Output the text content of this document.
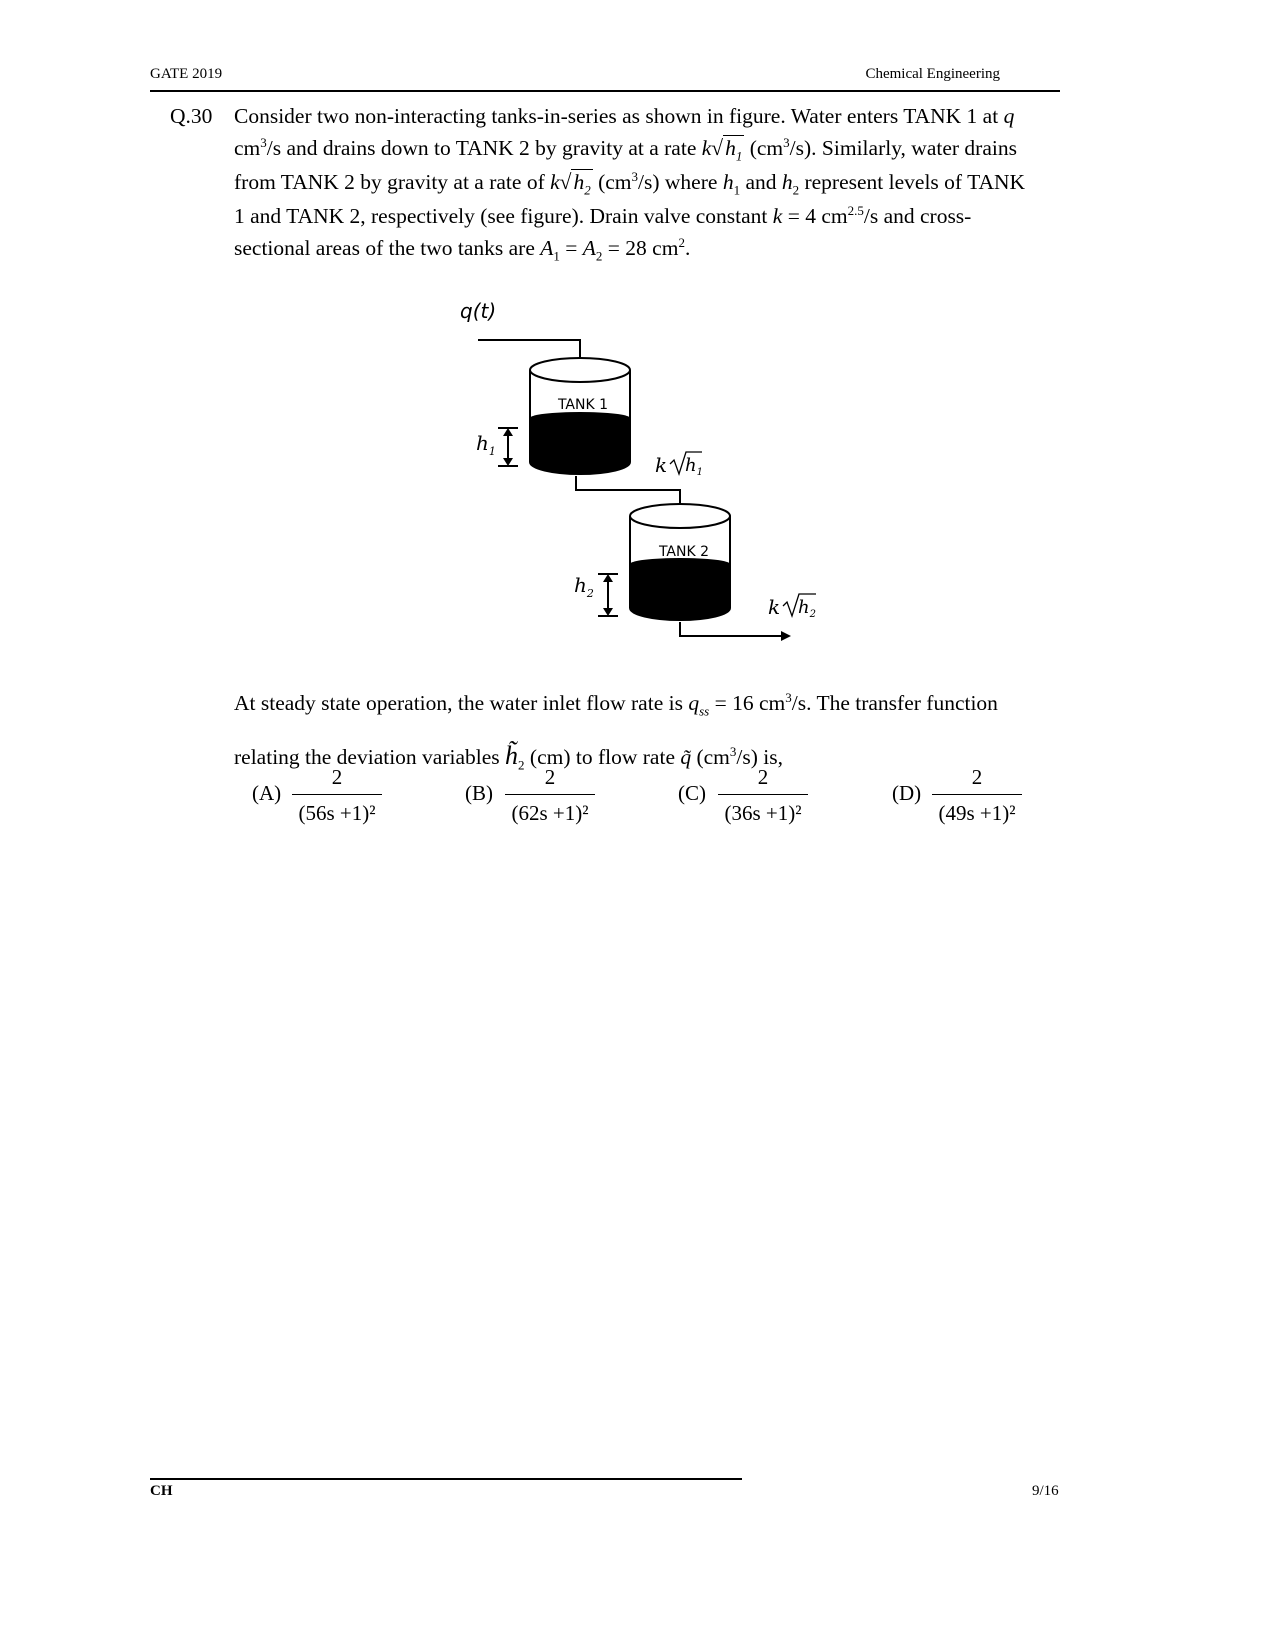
GATE 2019	Chemical Engineering
Q.30 Consider two non-interacting tanks-in-series as shown in figure. Water enters TANK 1 at q

$cm^3/s$ and drains down to TANK 2 by gravity at a rate $k√h_1$ $(cm^3/s)$. Similarly, water drains

from TANK 2 by gravity at a rate of $k√h_2$ $(cm^3/s)$ where $h_1$ and $h_2$ represent levels of TANK

1 and TANK 2, respectively (see figure). Drain valve constant k = 4 $cm^{2.5}/s$ and cross-

sectional areas of the two tanks are $A_1 = A_2 = 28$ $cm^2$.

q(t)
TANK 1
$h_1$
k $h_1$
TANK 2
$h_2$
k $h_2$

At steady state operation, the water inlet flow rate is $q_{ss} = 16$ $cm^3/s$. The transfer function

relating the deviation variables $h̃_2$ (cm) to flow rate q̃ $(cm^3/s)$ is,

$(A) \frac{2}{\text{(56s +1)²}}$	$(B) \frac{2}{\text{(62s +1)²}}$	$(C) \frac{2}{\text{(36s +1)²}}$	$(D) \frac{2}{\text{(49s +1)²}}$
CH	9/16
